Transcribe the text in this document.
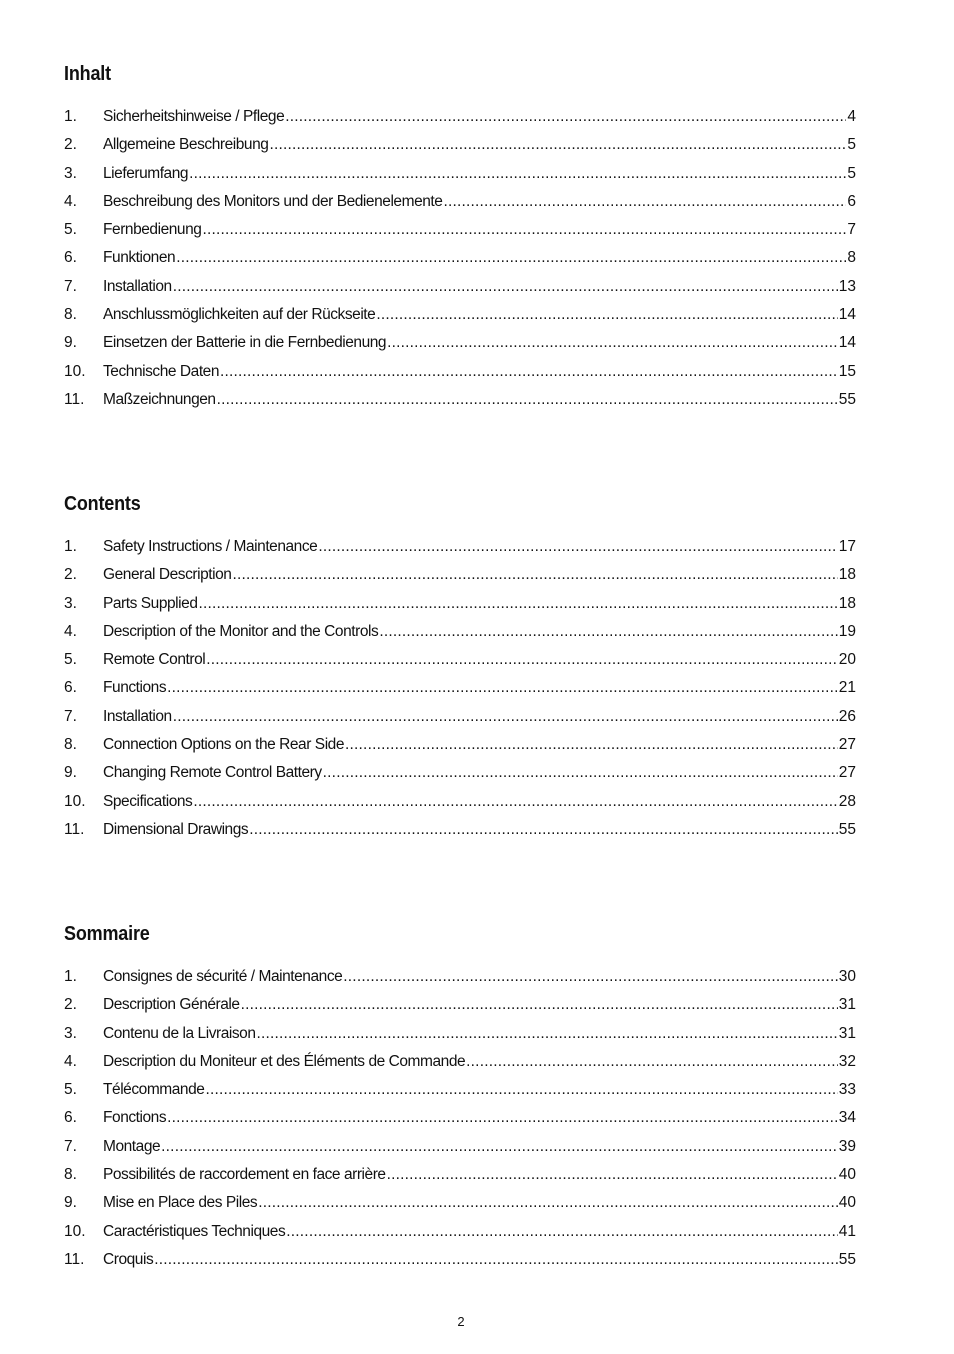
Inhalt
1.	Sicherheitshinweise / Pflege .....	4
2.	Allgemeine Beschreibung .....	5
3.	Lieferumfang .....	5
4.	Beschreibung des Monitors und der Bedienelemente .....	6
5.	Fernbedienung .....	7
6.	Funktionen .....	8
7.	Installation .....	13
8.	Anschlussmöglichkeiten auf der Rückseite .....	14
9.	Einsetzen der Batterie in die Fernbedienung .....	14
10.	Technische Daten .....	15
11.	Maßzeichnungen .....	55
Contents
1.	Safety Instructions / Maintenance .....	17
2.	General Description .....	18
3.	Parts Supplied .....	18
4.	Description of the Monitor and the Controls .....	19
5.	Remote Control .....	20
6.	Functions .....	21
7.	Installation .....	26
8.	Connection Options on the Rear Side .....	27
9.	Changing Remote Control Battery .....	27
10.	Specifications .....	28
11.	Dimensional Drawings .....	55
Sommaire
1.	Consignes de sécurité / Maintenance .....	30
2.	Description Générale .....	31
3.	Contenu de la Livraison .....	31
4.	Description du Moniteur et des Éléments de Commande .....	32
5.	Télécommande .....	33
6.	Fonctions .....	34
7.	Montage .....	39
8.	Possibilités de raccordement en face arrière .....	40
9.	Mise en Place des Piles .....	40
10.	Caractéristiques Techniques .....	41
11.	Croquis .....	55
2
